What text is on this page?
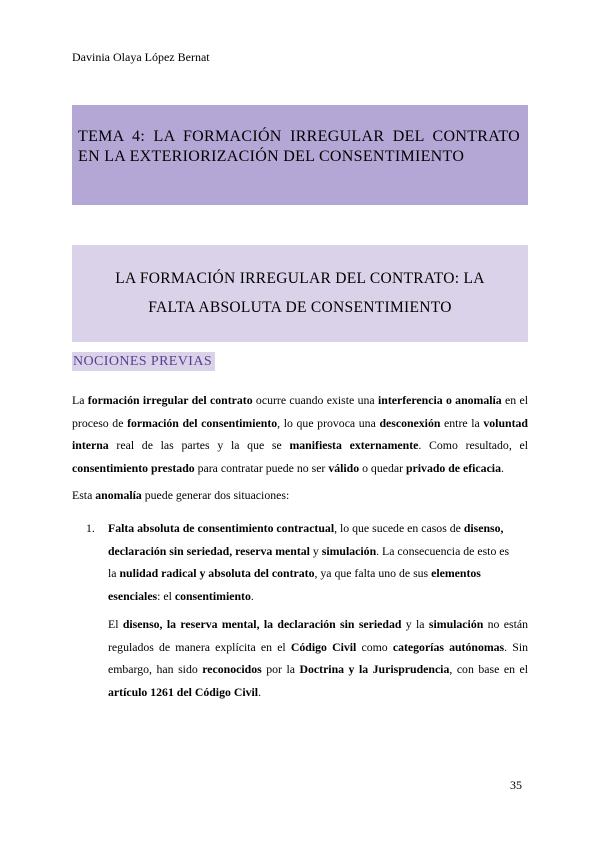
Davinia Olaya López Bernat
TEMA 4: LA FORMACIÓN IRREGULAR DEL CONTRATO EN LA EXTERIORIZACIÓN DEL CONSENTIMIENTO
LA FORMACIÓN IRREGULAR DEL CONTRATO: LA
FALTA ABSOLUTA DE CONSENTIMIENTO
NOCIONES PREVIAS
La formación irregular del contrato ocurre cuando existe una interferencia o anomalía en el proceso de formación del consentimiento, lo que provoca una desconexión entre la voluntad interna real de las partes y la que se manifiesta externamente. Como resultado, el consentimiento prestado para contratar puede no ser válido o quedar privado de eficacia.
Esta anomalía puede generar dos situaciones:
1. Falta absoluta de consentimiento contractual, lo que sucede en casos de disenso,
declaración sin seriedad, reserva mental y simulación. La consecuencia de esto es
la nulidad radical y absoluta del contrato, ya que falta uno de sus elementos
esenciales: el consentimiento.
El disenso, la reserva mental, la declaración sin seriedad y la simulación no están regulados de manera explícita en el Código Civil como categorías autónomas. Sin embargo, han sido reconocidos por la Doctrina y la Jurisprudencia, con base en el artículo 1261 del Código Civil.
35
